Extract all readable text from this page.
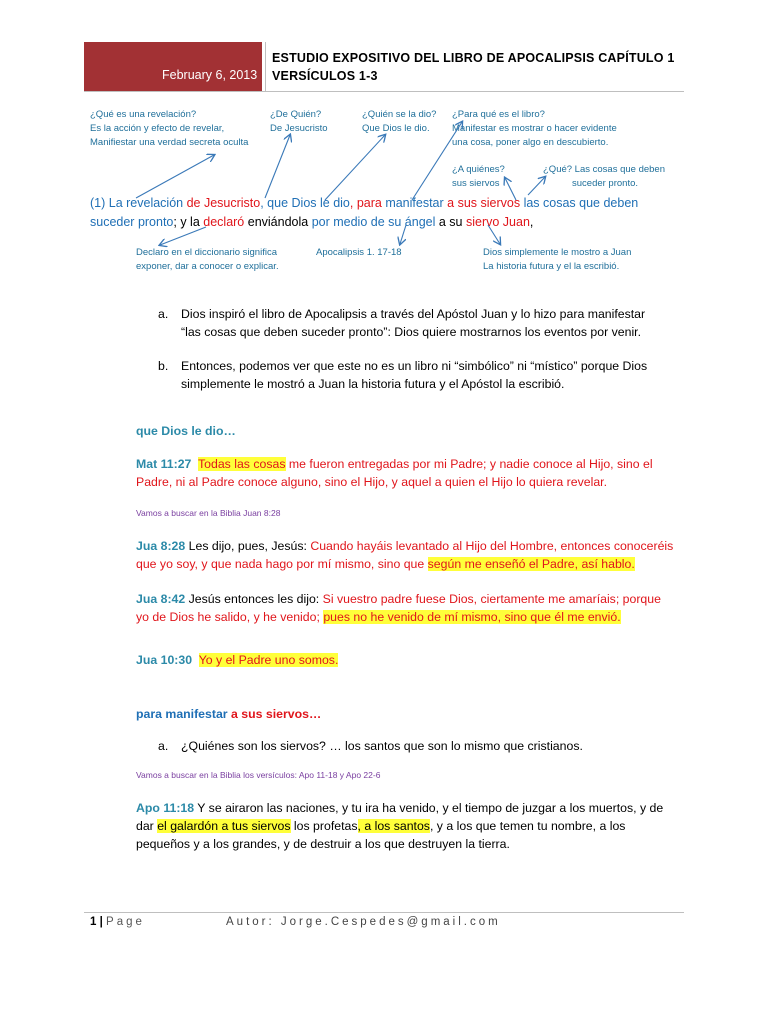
February 6, 2013
ESTUDIO EXPOSITIVO DEL LIBRO DE APOCALIPSIS CAPÍTULO 1
VERSÍCULOS 1-3
¿Qué es una revelación?
Es la acción y efecto de revelar,
Manifiestar una verdad secreta oculta
¿De Quién?
De Jesucristo
¿Quién se la dio?
Que Dios le dio.
¿Para qué es el libro?
Manifestar es mostrar o hacer evidente
una cosa, poner algo en descubierto.
¿A quiénes?
sus siervos
¿Qué? Las cosas que deben
suceder pronto.
(1) La revelación de Jesucristo, que Dios le dio, para manifestar a sus siervos las cosas que deben
suceder pronto; y la declaró enviándola por medio de su ángel a su siervo Juan,
Declaro en el diccionario significa
exponer, dar a conocer o explicar.
Apocalipsis 1. 17-18	Dios simplemente le mostro a Juan
La historia futura y el la escribió.
a. Dios inspiró el libro de Apocalipsis a través del Apóstol Juan y lo hizo para manifestar
“las cosas que deben suceder pronto”: Dios quiere mostrarnos los eventos por venir.
b. Entonces, podemos ver que este no es un libro ni “simbólico” ni “místico” porque Dios
simplemente le mostró a Juan la historia futura y el Apóstol la escribió.
que Dios le dio…
Mat 11:27 Todas las cosas me fueron entregadas por mi Padre; y nadie conoce al Hijo, sino el
Padre, ni al Padre conoce alguno, sino el Hijo, y aquel a quien el Hijo lo quiera revelar.
Vamos a buscar en la Biblia Juan 8:28
Jua 8:28 Les dijo, pues, Jesús: Cuando hayáis levantado al Hijo del Hombre, entonces conoceréis
que yo soy, y que nada hago por mí mismo, sino que según me enseñó el Padre, así hablo.
Jua 8:42 Jesús entonces les dijo: Si vuestro padre fuese Dios, ciertamente me amaríais; porque
yo de Dios he salido, y he venido; pues no he venido de mí mismo, sino que él me envió.
Jua 10:30 Yo y el Padre uno somos.
para manifestar a sus siervos…
a. ¿Quiénes son los siervos? … los santos que son lo mismo que cristianos.
Vamos a buscar en la Biblia los versículos: Apo 11-18 y Apo 22-6
Apo 11:18 Y se airaron las naciones, y tu ira ha venido, y el tiempo de juzgar a los muertos, y de
dar el galardón a tus siervos los profetas, a los santos, y a los que temen tu nombre, a los
pequeños y a los grandes, y de destruir a los que destruyen la tierra.
1 | Page	Autor: Jorge.Cespedes@gmail.com
